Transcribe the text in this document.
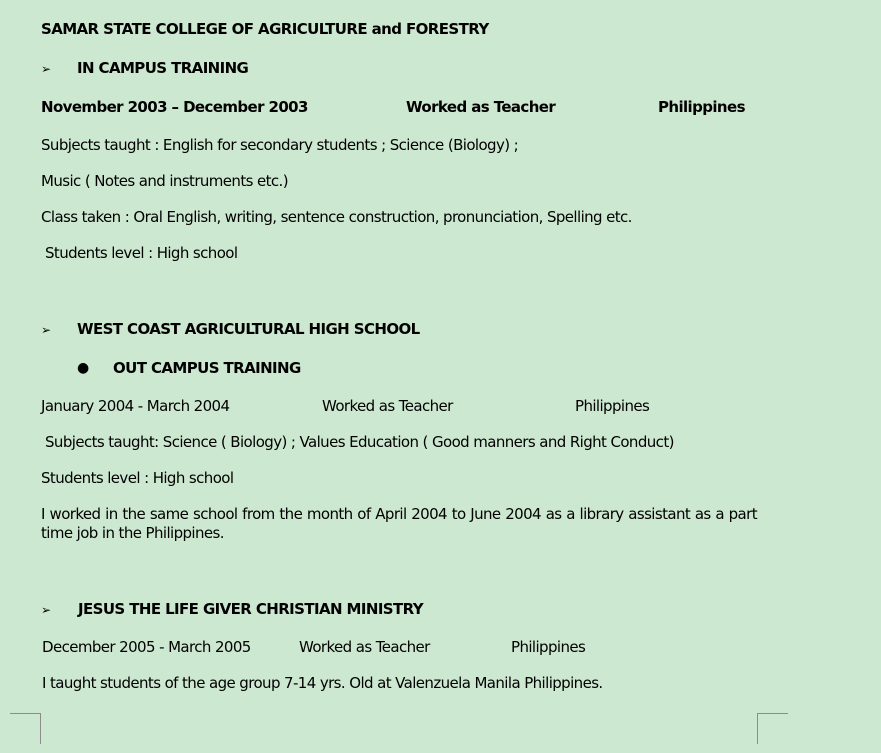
SAMAR STATE COLLEGE OF AGRICULTURE and FORESTRY
➢ IN CAMPUS TRAINING
November 2003 – December 2003	Worked as Teacher	Philippines
Subjects taught : English for secondary students ; Science (Biology) ;
Music ( Notes and instruments etc.)
Class taken : Oral English, writing, sentence construction, pronunciation, Spelling etc.
Students level : High school
➢ WEST COAST AGRICULTURAL HIGH SCHOOL
● OUT CAMPUS TRAINING
January 2004 - March 2004	Worked as Teacher	Philippines
Subjects taught: Science ( Biology) ; Values Education ( Good manners and Right Conduct)
Students level : High school
I worked in the same school from the month of April 2004 to June 2004 as a library assistant as a part time job in the Philippines.
➢ JESUS THE LIFE GIVER CHRISTIAN MINISTRY
December 2005 - March 2005	Worked as Teacher	Philippines
I taught students of the age group 7-14 yrs. Old at Valenzuela Manila Philippines.
